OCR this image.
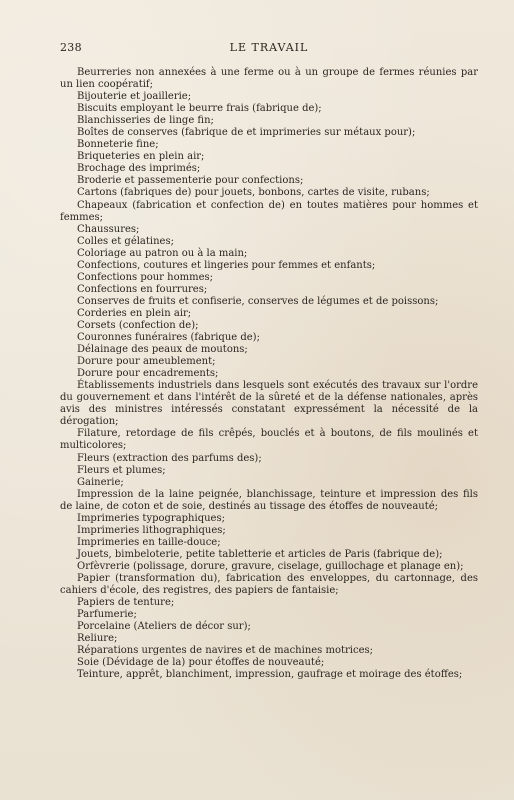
238	LE TRAVAIL

Beurreries non annexées à une ferme ou à un groupe de fermes réunies par un lien coopératif;

Bijouterie et joaillerie;

Biscuits employant le beurre frais (fabrique de);

Blanchisseries de linge fin;

Boîtes de conserves (fabrique de et imprimeries sur métaux pour);

Bonneterie fine;

Briqueteries en plein air;

Brochage des imprimés;

Broderie et passementerie pour confections;

Cartons (fabriques de) pour jouets, bonbons, cartes de visite, rubans;

Chapeaux (fabrication et confection de) en toutes matières pour hommes et femmes;

Chaussures;

Colles et gélatines;

Coloriage au patron ou à la main;

Confections, coutures et lingeries pour femmes et enfants;

Confections pour hommes;

Confections en fourrures;

Conserves de fruits et confiserie, conserves de légumes et de poissons;

Corderies en plein air;

Corsets (confection de);

Couronnes funéraires (fabrique de);

Délainage des peaux de moutons;

Dorure pour ameublement;

Dorure pour encadrements;

Établissements industriels dans lesquels sont exécutés des travaux sur l'ordre du gouvernement et dans l'intérêt de la sûreté et de la défense nationales, après avis des ministres intéressés constatant expressément la nécessité de la dérogation;

Filature, retordage de fils crêpés, bouclés et à boutons, de fils moulinés et multicolores;

Fleurs (extraction des parfums des);

Fleurs et plumes;

Gainerie;

Impression de la laine peignée, blanchissage, teinture et impression des fils de laine, de coton et de soie, destinés au tissage des étoffes de nouveauté;

Imprimeries typographiques;

Imprimeries lithographiques;

Imprimeries en taille-douce;

Jouets, bimbeloterie, petite tabletterie et articles de Paris (fabrique de);

Orfèvrerie (polissage, dorure, gravure, ciselage, guillochage et planage en);

Papier (transformation du), fabrication des enveloppes, du cartonnage, des cahiers d'école, des registres, des papiers de fantaisie;

Papiers de tenture;

Parfumerie;

Porcelaine (Ateliers de décor sur);

Reliure;

Réparations urgentes de navires et de machines motrices;

Soie (Dévidage de la) pour étoffes de nouveauté;

Teinture, apprêt, blanchiment, impression, gaufrage et moirage des étoffes;
